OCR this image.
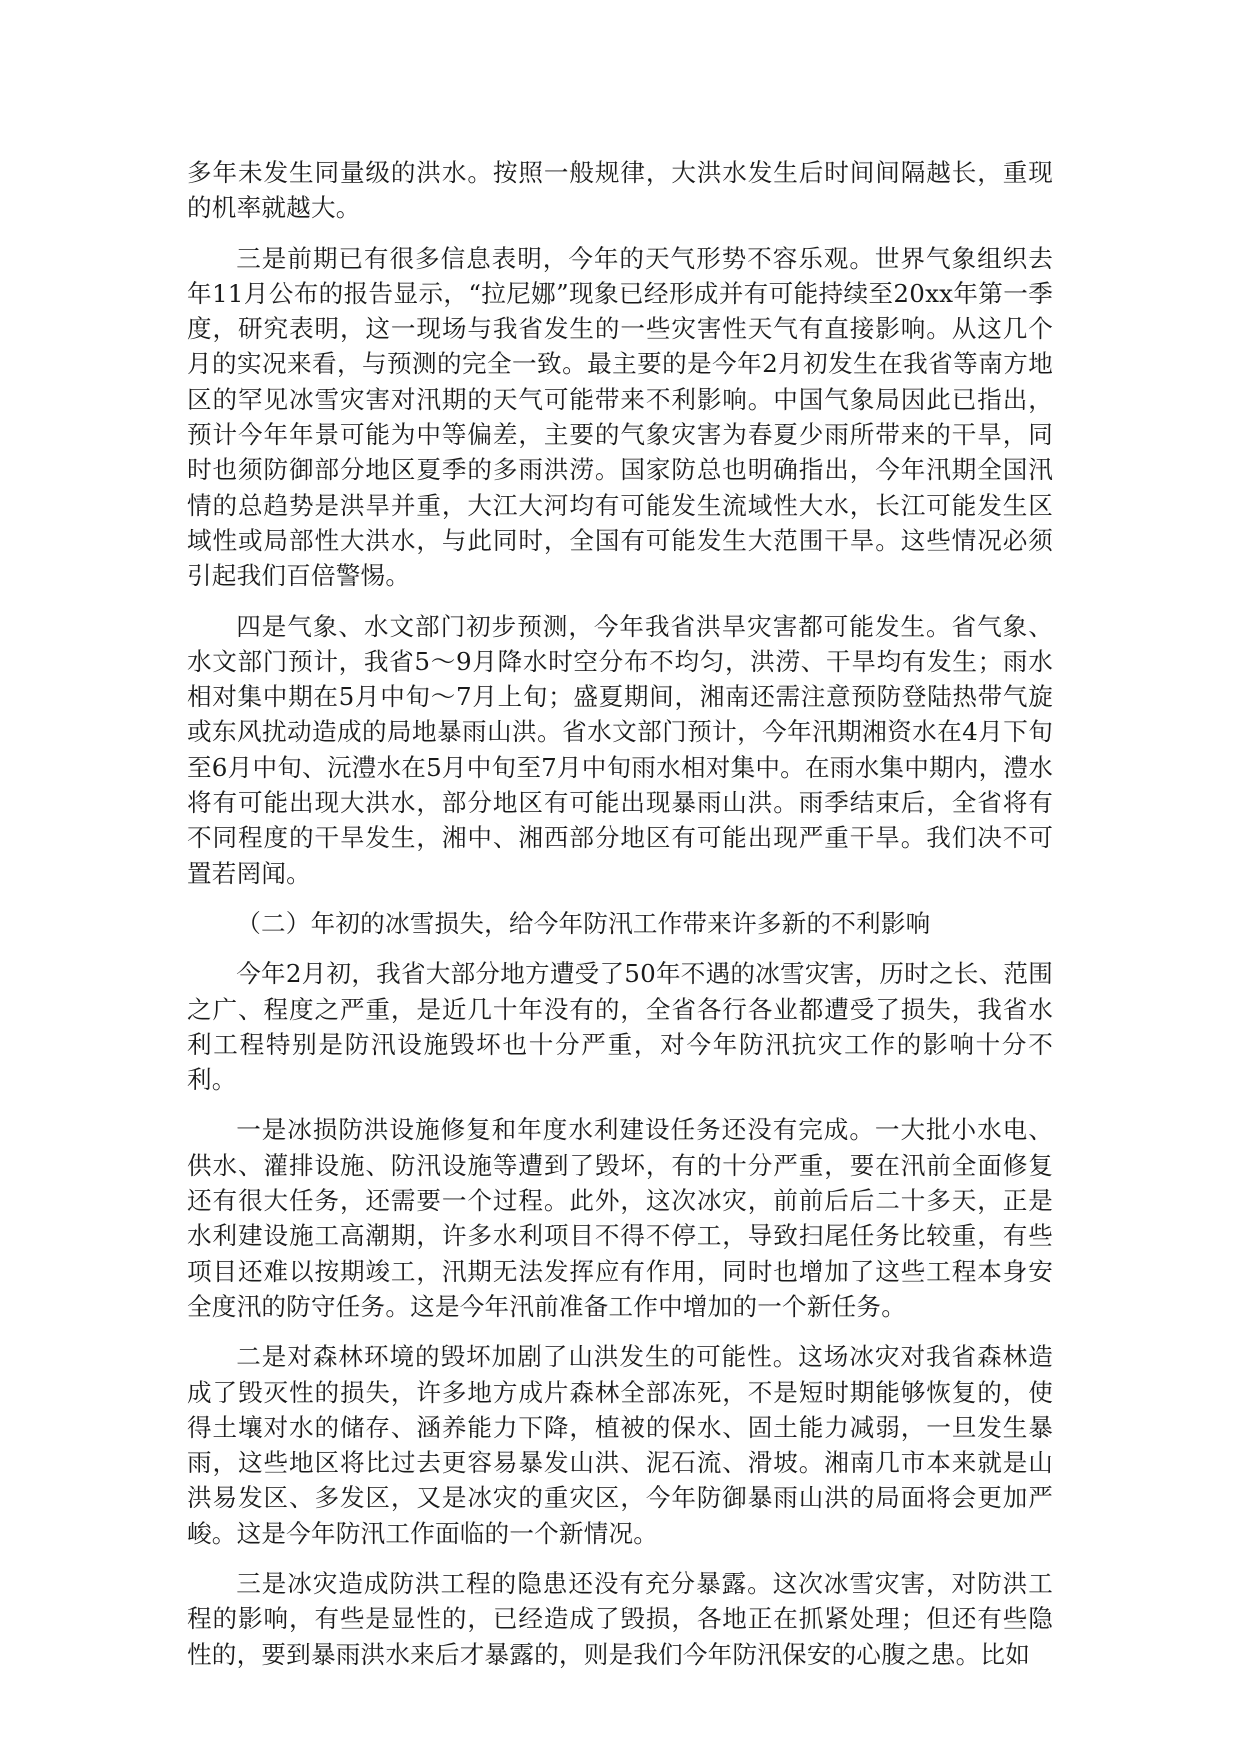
多年未发生同量级的洪水。按照一般规律，大洪水发生后时间间隔越长，重现的机率就越大。

三是前期已有很多信息表明，今年的天气形势不容乐观。世界气象组织去年11月公布的报告显示，“拉尼娜”现象已经形成并有可能持续至20xx年第一季度，研究表明，这一现场与我省发生的一些灾害性天气有直接影响。从这几个月的实况来看，与预测的完全一致。最主要的是今年2月初发生在我省等南方地区的罕见冰雪灾害对汛期的天气可能带来不利影响。中国气象局因此已指出，预计今年年景可能为中等偏差，主要的气象灾害为春夏少雨所带来的干旱，同时也须防御部分地区夏季的多雨洪涝。国家防总也明确指出，今年汛期全国汛情的总趋势是洪旱并重，大江大河均有可能发生流域性大水，长江可能发生区域性或局部性大洪水，与此同时，全国有可能发生大范围干旱。这些情况必须引起我们百倍警惕。

四是气象、水文部门初步预测，今年我省洪旱灾害都可能发生。省气象、水文部门预计，我省5～9月降水时空分布不均匀，洪涝、干旱均有发生；雨水相对集中期在5月中旬～7月上旬；盛夏期间，湘南还需注意预防登陆热带气旋或东风扰动造成的局地暴雨山洪。省水文部门预计，今年汛期湘资水在4月下旬至6月中旬、沅澧水在5月中旬至7月中旬雨水相对集中。在雨水集中期内，澧水将有可能出现大洪水，部分地区有可能出现暴雨山洪。雨季结束后，全省将有不同程度的干旱发生，湘中、湘西部分地区有可能出现严重干旱。我们决不可置若罔闻。

（二）年初的冰雪损失，给今年防汛工作带来许多新的不利影响

今年2月初，我省大部分地方遭受了50年不遇的冰雪灾害，历时之长、范围之广、程度之严重，是近几十年没有的，全省各行各业都遭受了损失，我省水利工程特别是防汛设施毁坏也十分严重，对今年防汛抗灾工作的影响十分不利。

一是冰损防洪设施修复和年度水利建设任务还没有完成。一大批小水电、供水、灌排设施、防汛设施等遭到了毁坏，有的十分严重，要在汛前全面修复还有很大任务，还需要一个过程。此外，这次冰灾，前前后后二十多天，正是水利建设施工高潮期，许多水利项目不得不停工，导致扫尾任务比较重，有些项目还难以按期竣工，汛期无法发挥应有作用，同时也增加了这些工程本身安全度汛的防守任务。这是今年汛前准备工作中增加的一个新任务。

二是对森林环境的毁坏加剧了山洪发生的可能性。这场冰灾对我省森林造成了毁灭性的损失，许多地方成片森林全部冻死，不是短时期能够恢复的，使得土壤对水的储存、涵养能力下降，植被的保水、固土能力减弱，一旦发生暴雨，这些地区将比过去更容易暴发山洪、泥石流、滑坡。湘南几市本来就是山洪易发区、多发区，又是冰灾的重灾区，今年防御暴雨山洪的局面将会更加严峻。这是今年防汛工作面临的一个新情况。

三是冰灾造成防洪工程的隐患还没有充分暴露。这次冰雪灾害，对防洪工程的影响，有些是显性的，已经造成了毁损，各地正在抓紧处理；但还有些隐性的，要到暴雨洪水来后才暴露的，则是我们今年防汛保安的心腹之患。比如
